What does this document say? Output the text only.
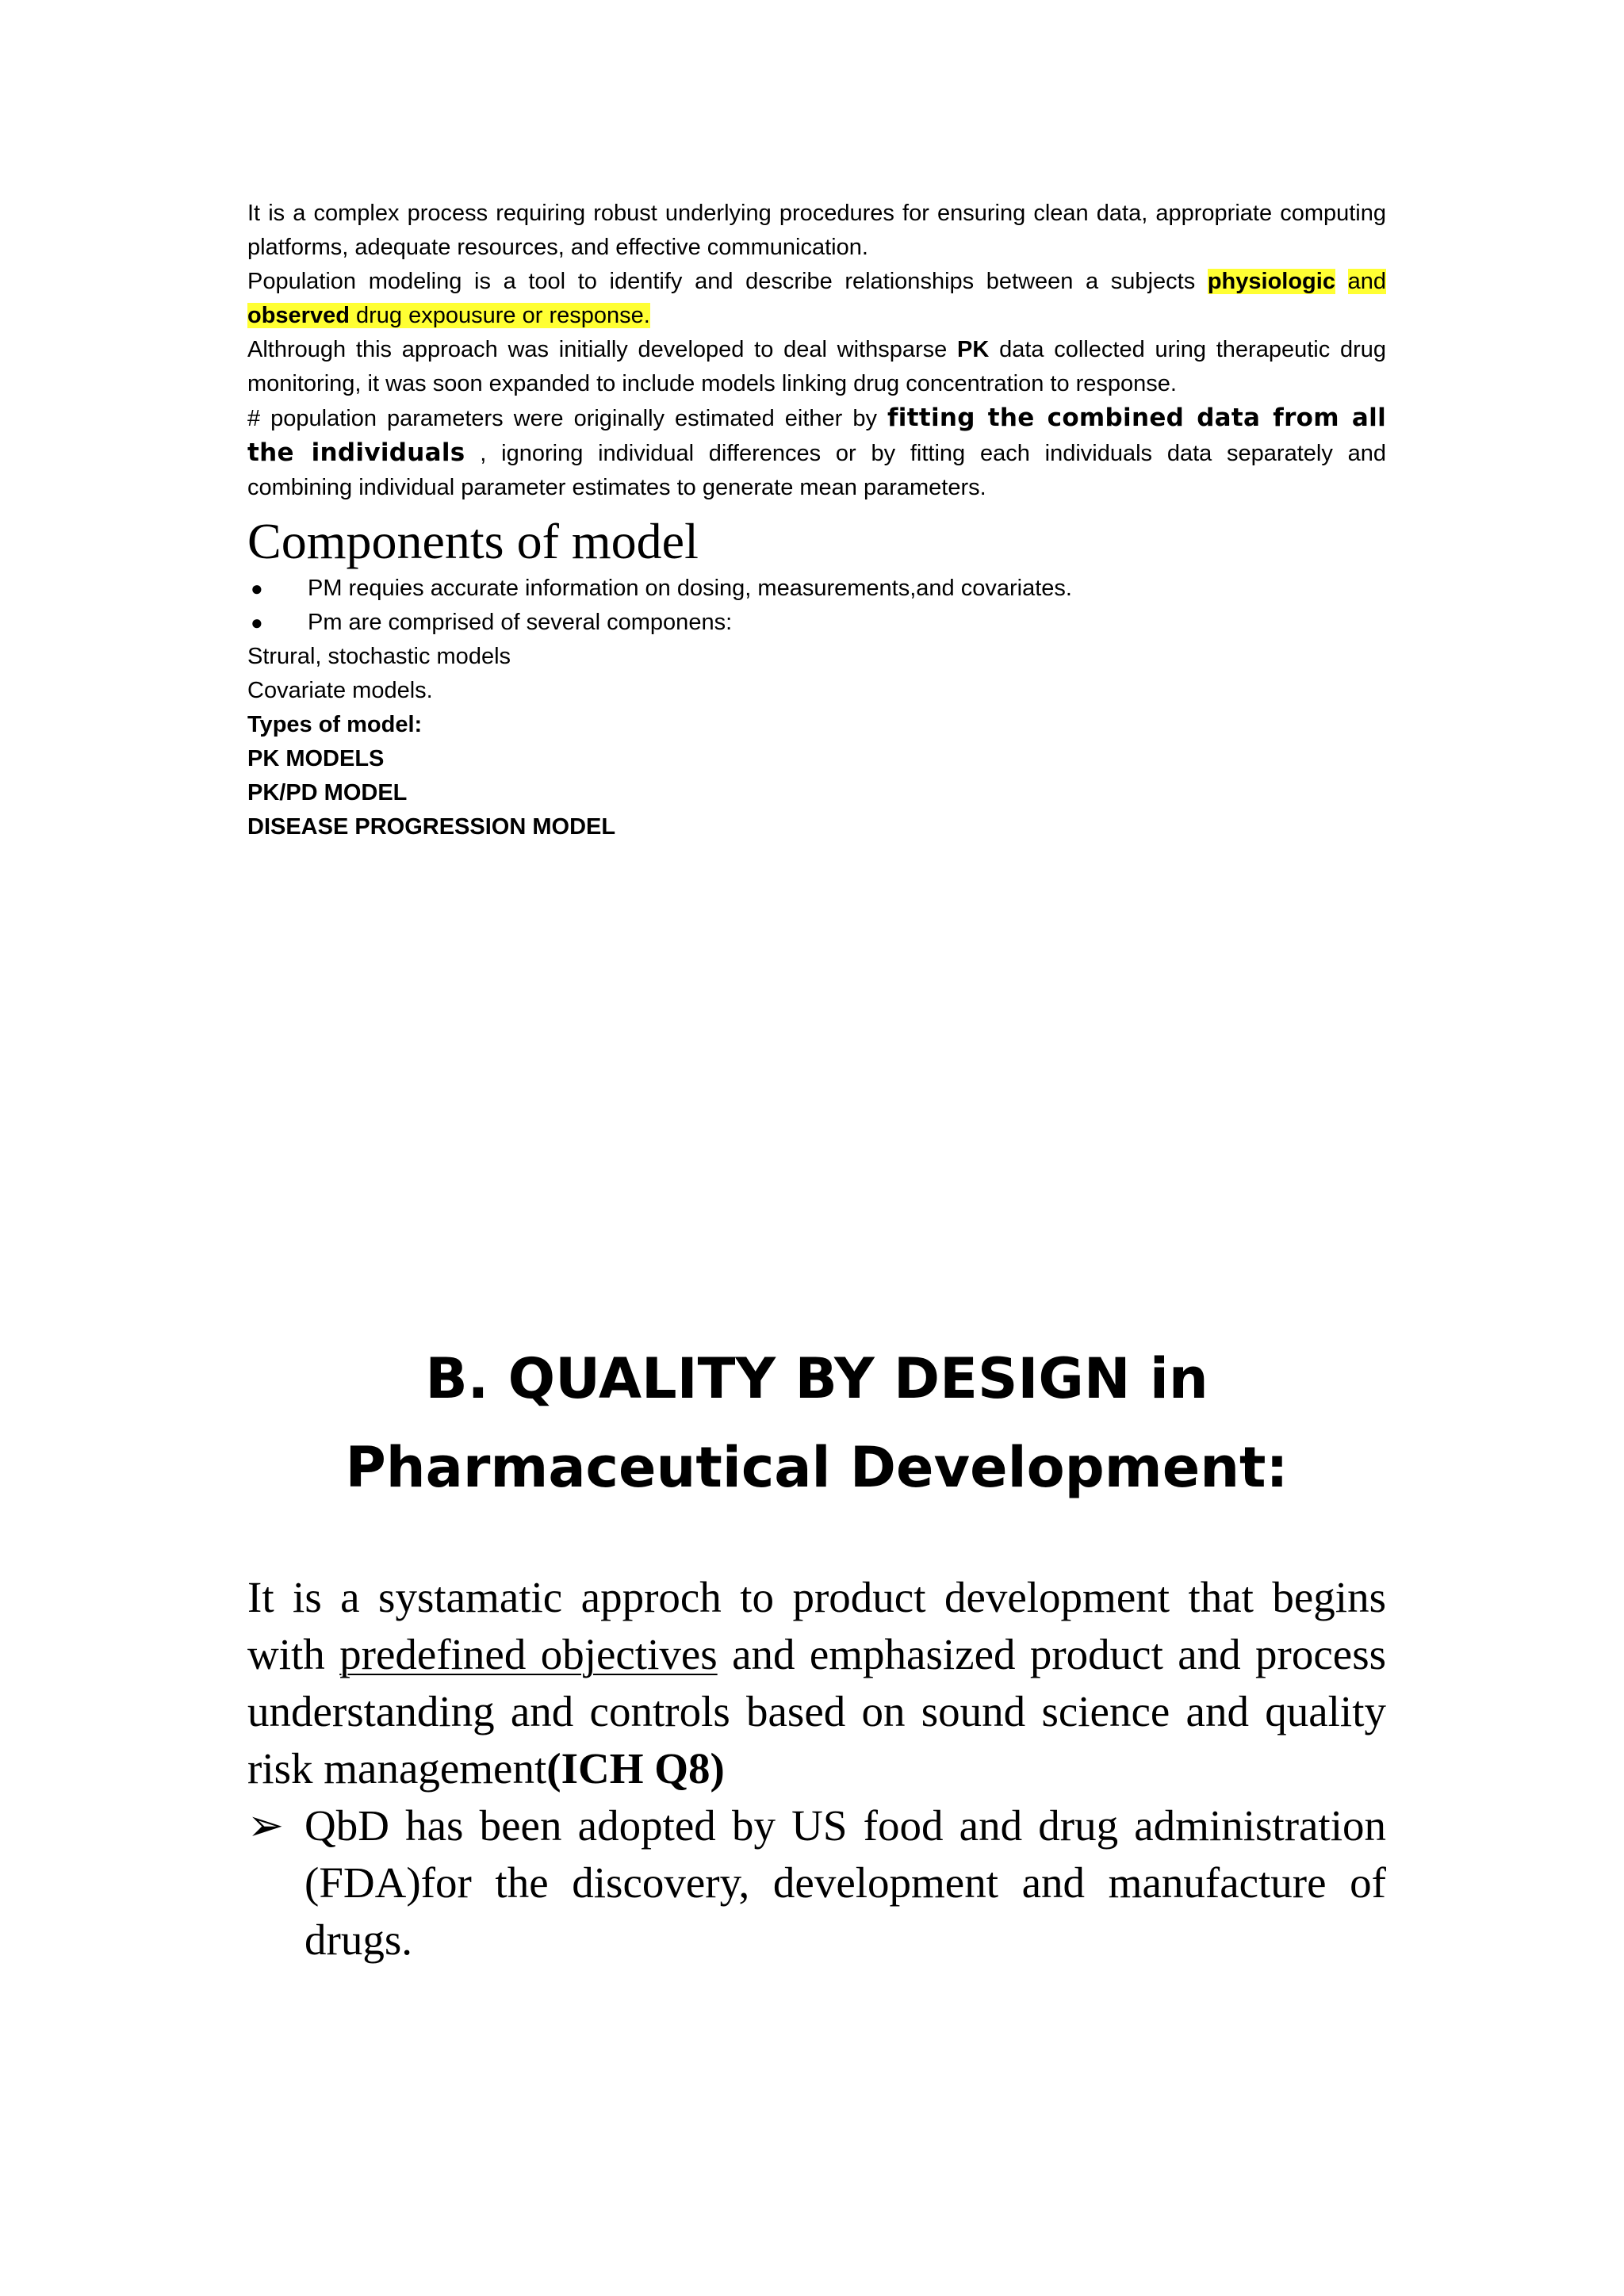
It is a complex process requiring robust underlying procedures for ensuring clean data, appropriate computing platforms, adequate resources, and effective communication.

Population modeling is a tool to identify and describe relationships between a subjects physiologic and observed drug expousure or response.

Althrough this approach was initially developed to deal withsparse PK data collected uring therapeutic drug monitoring, it was soon expanded to include models linking drug concentration to response.

# population parameters were originally estimated either by fitting the combined data from all the individuals , ignoring individual differences or by fitting each individuals data separately and combining individual parameter estimates to generate mean parameters.

Components of model
●	PM requies accurate information on dosing, measurements,and covariates.
●	Pm are comprised of several componens:
Strural, stochastic models
Covariate models.
Types of model:
PK MODELS
PK/PD MODEL
DISEASE PROGRESSION MODEL
B. QUALITY BY DESIGN in
Pharmaceutical Development:

It is a systamatic approch to product development that begins with predefined objectives and emphasized product and process understanding and controls based on sound science and quality risk management(ICH Q8)

➢ QbD has been adopted by US food and drug administration (FDA)for the discovery, development and manufacture of drugs.
